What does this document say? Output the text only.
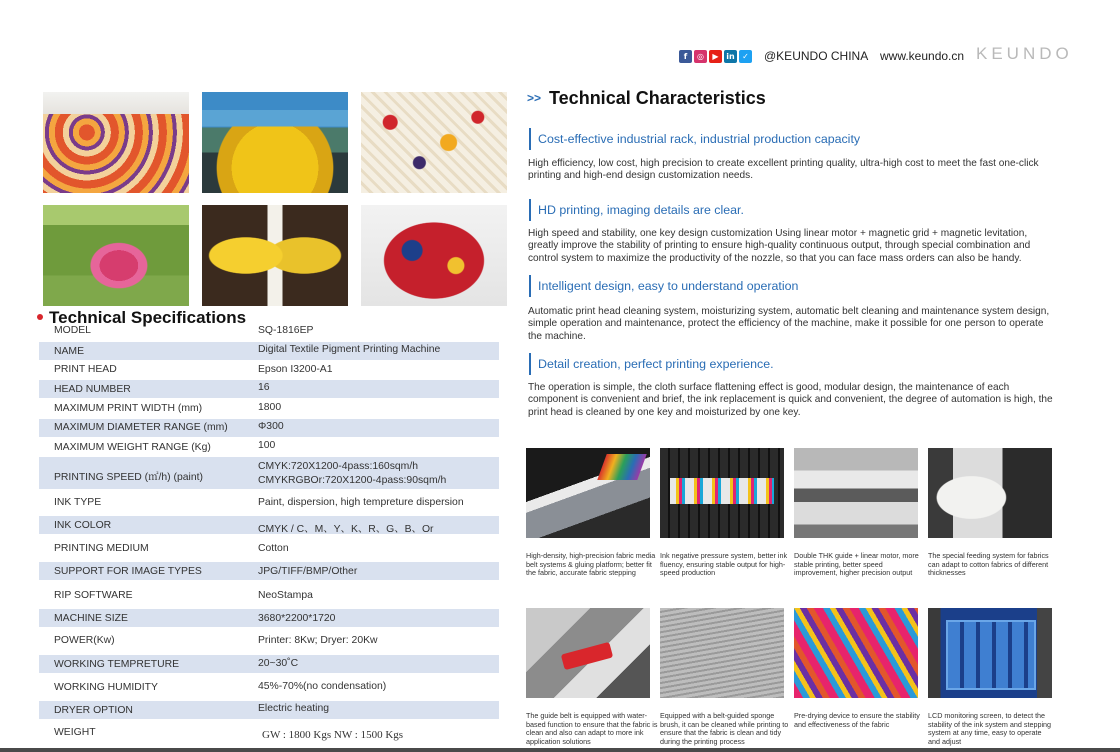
f	◎	▶ in ✓ @KEUNDO CHINA www.keundo.cn KEUNDO
Technical Specifications
MODEL	SQ-1816EP
NAME	Digital Textile Pigment Printing Machine
PRINT HEAD	Epson I3200-A1
HEAD NUMBER	16
MAXIMUM PRINT WIDTH (mm)	1800
MAXIMUM DIAMETER RANGE (mm)	Φ300
MAXIMUM WEIGHT RANGE (Kg)	100
PRINTING SPEED (㎡/h) (paint)
CMYK:720X1200-4pass:160sqm/h
CMYKRGBOr:720X1200-4pass:90sqm/h
INK TYPE	Paint, dispersion, high tempreture dispersion
INK COLOR	CMYK / C、M、Y、K、R、G、B、Or
PRINTING MEDIUM	Cotton
SUPPORT FOR IMAGE TYPES	JPG/TIFF/BMP/Other
RIP SOFTWARE	NeoStampa
MACHINE SIZE	3680*2200*1720
POWER(Kw)	Printer: 8Kw; Dryer: 20Kw
WORKING TEMPRETURE	20~30˚C
WORKING HUMIDITY	45%-70%(no condensation)
DRYER OPTION	Electric heating
WEIGHT	GW : 1800 Kgs NW : 1500 Kgs
>> Technical Characteristics
Cost-effective industrial rack, industrial production capacity
High efficiency, low cost, high precision to create excellent printing quality, ultra-high cost to meet the fast one-click printing and high-end design customization needs.
HD printing, imaging details are clear.
High speed and stability, one key design customization Using linear motor + magnetic grid + magnetic levitation, greatly improve the stability of printing to ensure high-quality continuous output, through special combination and control system to maximize the productivity of the nozzle, so that you can face mass orders can also be handy.
Intelligent design, easy to understand operation
Automatic print head cleaning system, moisturizing system, automatic belt cleaning and maintenance system design, simple operation and maintenance, protect the efficiency of the machine, make it possible for one person to operate the machine.
Detail creation, perfect printing experience.
The operation is simple, the cloth surface flattening effect is good, modular design, the maintenance of each component is convenient and brief, the ink replacement is quick and convenient, the degree of automation is high, the print head is cleaned by one key and moisturized by one key.
High-density, high-precision fabric media belt systems & gluing platform; better fit the fabric, accurate fabric stepping
Ink negative pressure system, better ink fluency, ensuring stable output for high-speed production
Double THK guide + linear motor, more stable printing, better speed improvement, higher precision output
The special feeding system for fabrics can adapt to cotton fabrics of different thicknesses
The guide belt is equipped with water-based function to ensure that the fabric is clean and also can adapt to more ink application solutions
Equipped with a belt-guided sponge brush, it can be cleaned while printing to ensure that the fabric is clean and tidy during the printing process
Pre-drying device to ensure the stability and effectiveness of the fabric
LCD monitoring screen, to detect the stability of the ink system and stepping system at any time, easy to operate and adjust
